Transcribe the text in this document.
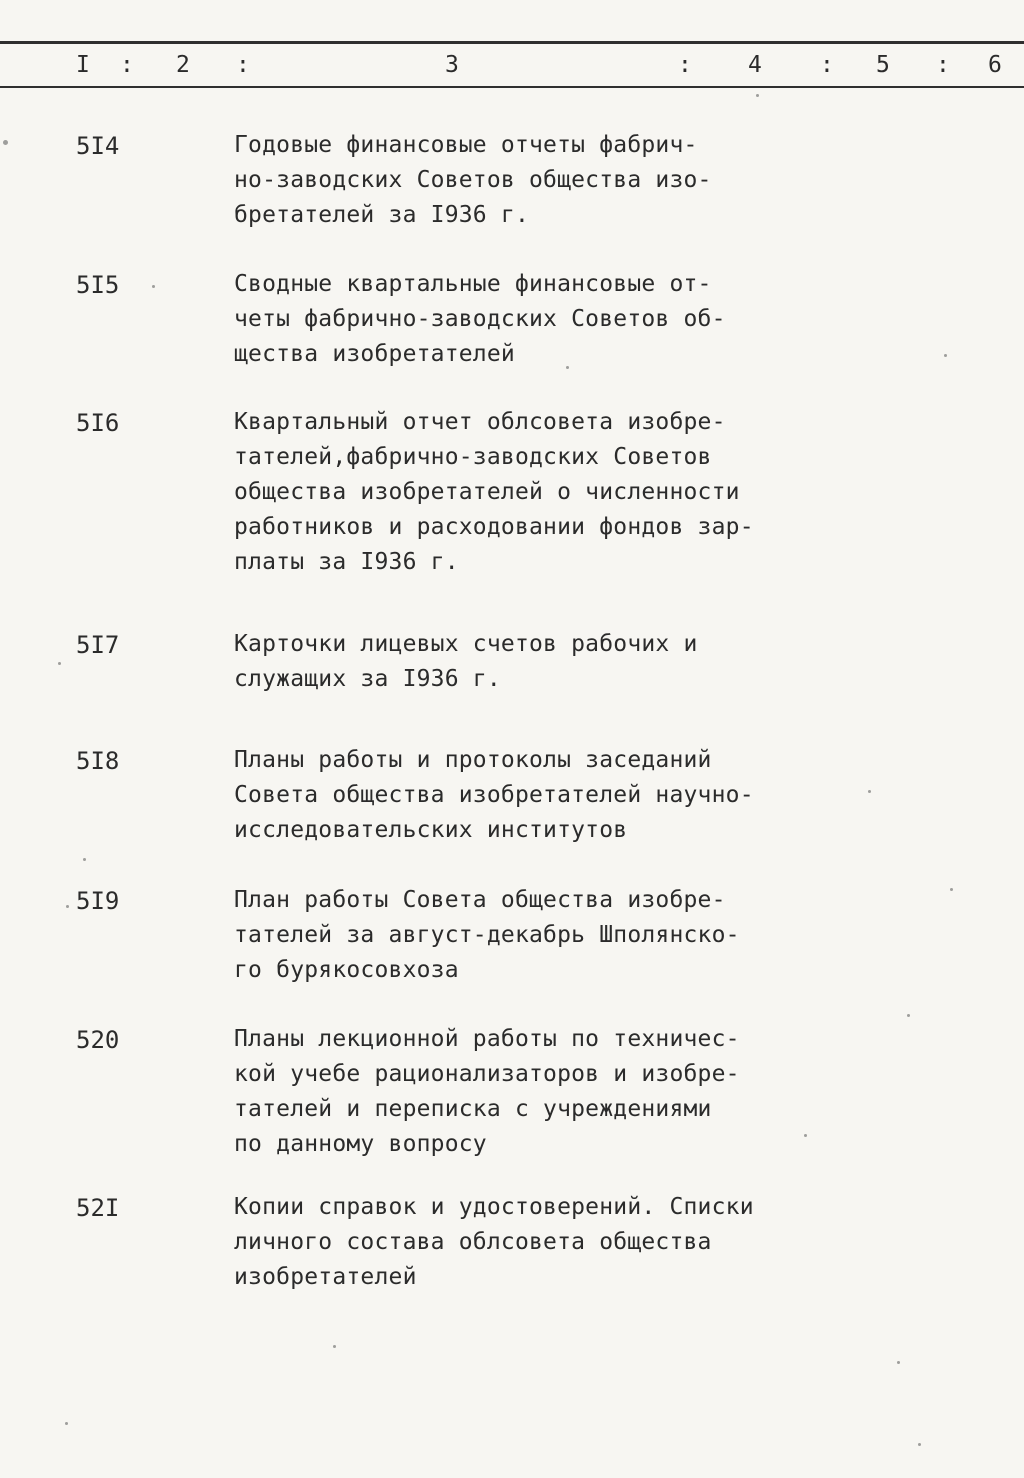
I : 2 :	3	: 4	: 5 : 6
5I4	Годовые финансовые отчеты фабрич-
но-заводских Советов общества изо-
бретателей за I936 г.
5I5	Сводные квартальные финансовые от-
четы фабрично-заводских Советов об-
щества изобретателей
5I6	Квартальный отчет облсовета изобре-
тателей,фабрично-заводских Советов
общества изобретателей о численности
работников и расходовании фондов зар-
платы за I936 г.
5I7	Карточки лицевых счетов рабочих и
служащих за I936 г.
5I8	Планы работы и протоколы заседаний
Совета общества изобретателей научно-
исследовательских институтов
5I9	План работы Совета общества изобре-
тателей за август-декабрь Шполянско-
го бурякосовхоза
520	Планы лекционной работы по техничес-
кой учебе рационализаторов и изобре-
тателей и переписка с учреждениями
по данному вопросу
52I	Копии справок и удостоверений. Списки
личного состава облсовета общества
изобретателей
